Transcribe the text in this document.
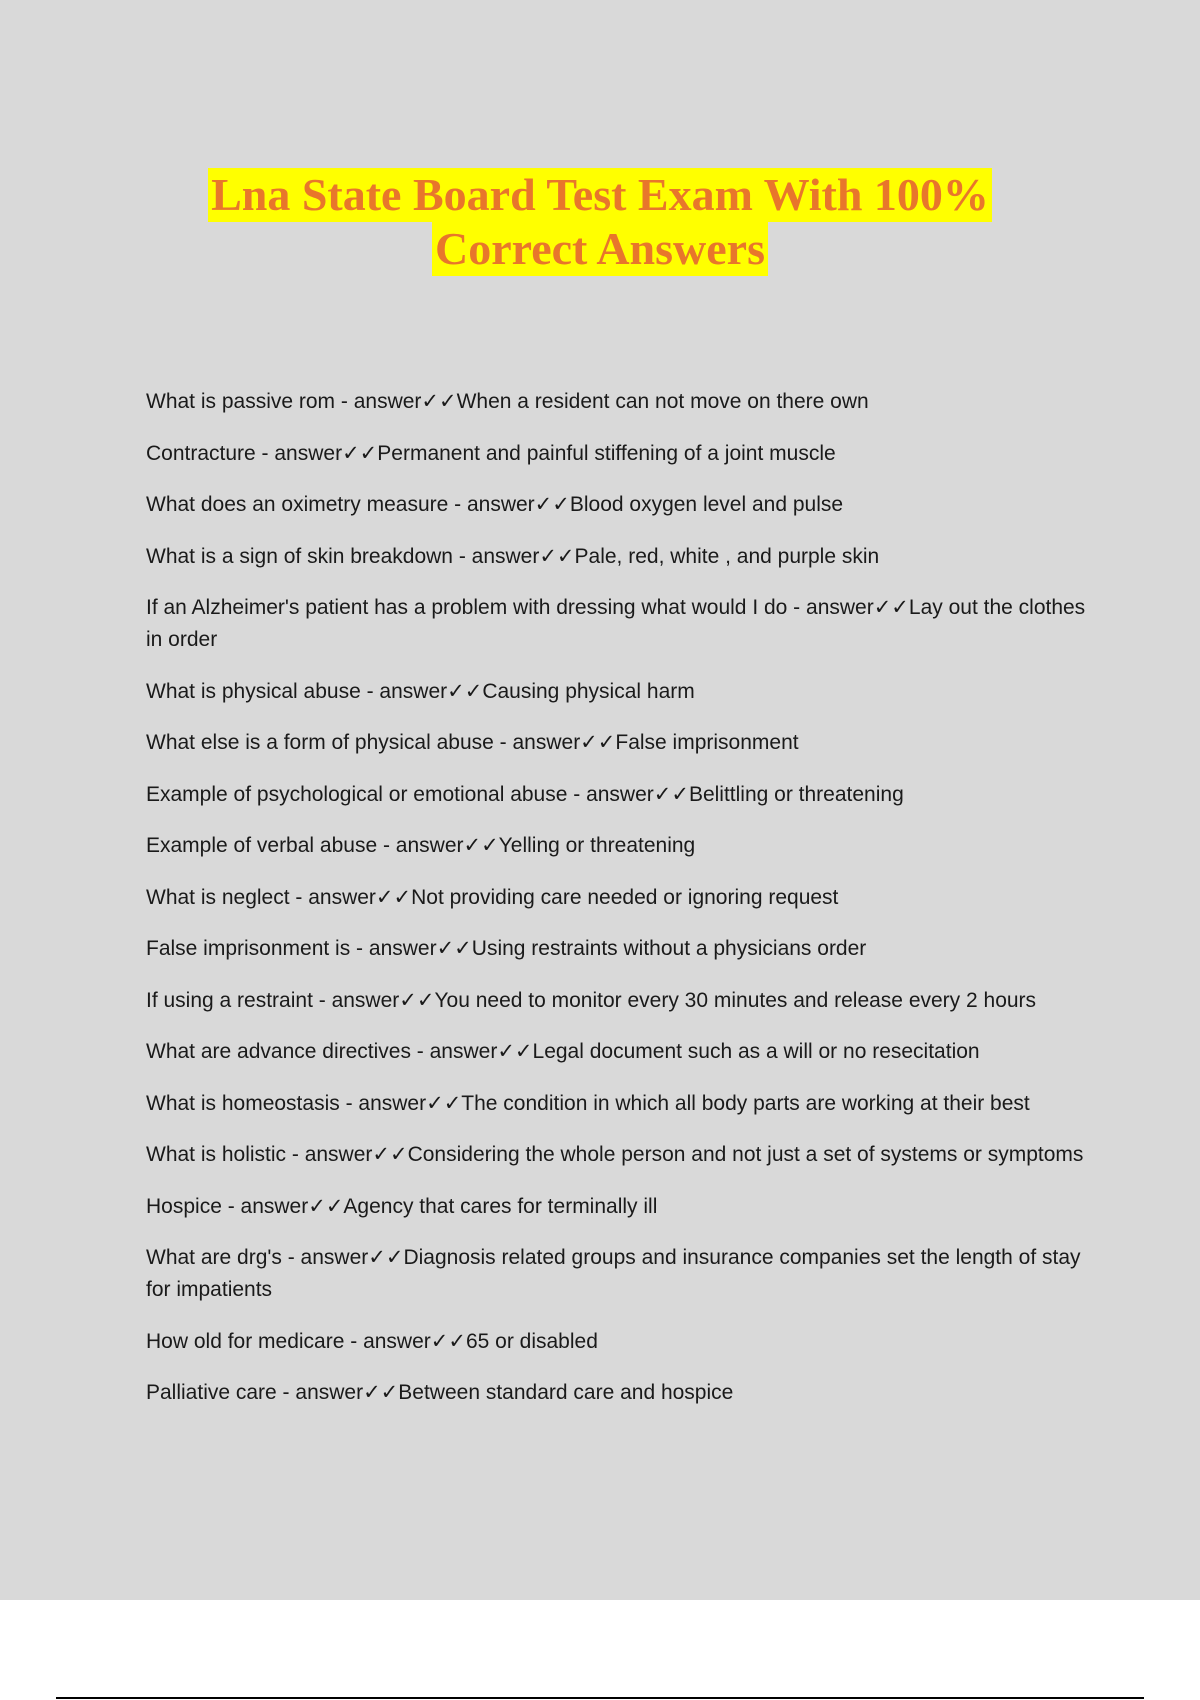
Lna State Board Test Exam With 100%
Correct Answers
What is passive rom - answer✓✓When a resident can not move on there own
Contracture - answer✓✓Permanent and painful stiffening of a joint muscle
What does an oximetry measure - answer✓✓Blood oxygen level and pulse
What is a sign of skin breakdown - answer✓✓Pale, red, white , and purple skin
If an Alzheimer's patient has a problem with dressing what would I do - answer✓✓Lay out the clothes in order
What is physical abuse - answer✓✓Causing physical harm
What else is a form of physical abuse - answer✓✓False imprisonment
Example of psychological or emotional abuse - answer✓✓Belittling or threatening
Example of verbal abuse - answer✓✓Yelling or threatening
What is neglect - answer✓✓Not providing care needed or ignoring request
False imprisonment is - answer✓✓Using restraints without a physicians order
If using a restraint - answer✓✓You need to monitor every 30 minutes and release every 2 hours
What are advance directives - answer✓✓Legal document such as a will or no resecitation
What is homeostasis - answer✓✓The condition in which all body parts are working at their best
What is holistic - answer✓✓Considering the whole person and not just a set of systems or symptoms
Hospice - answer✓✓Agency that cares for terminally ill
What are drg's - answer✓✓Diagnosis related groups and insurance companies set the length of stay for impatients
How old for medicare - answer✓✓65 or disabled
Palliative care - answer✓✓Between standard care and hospice
